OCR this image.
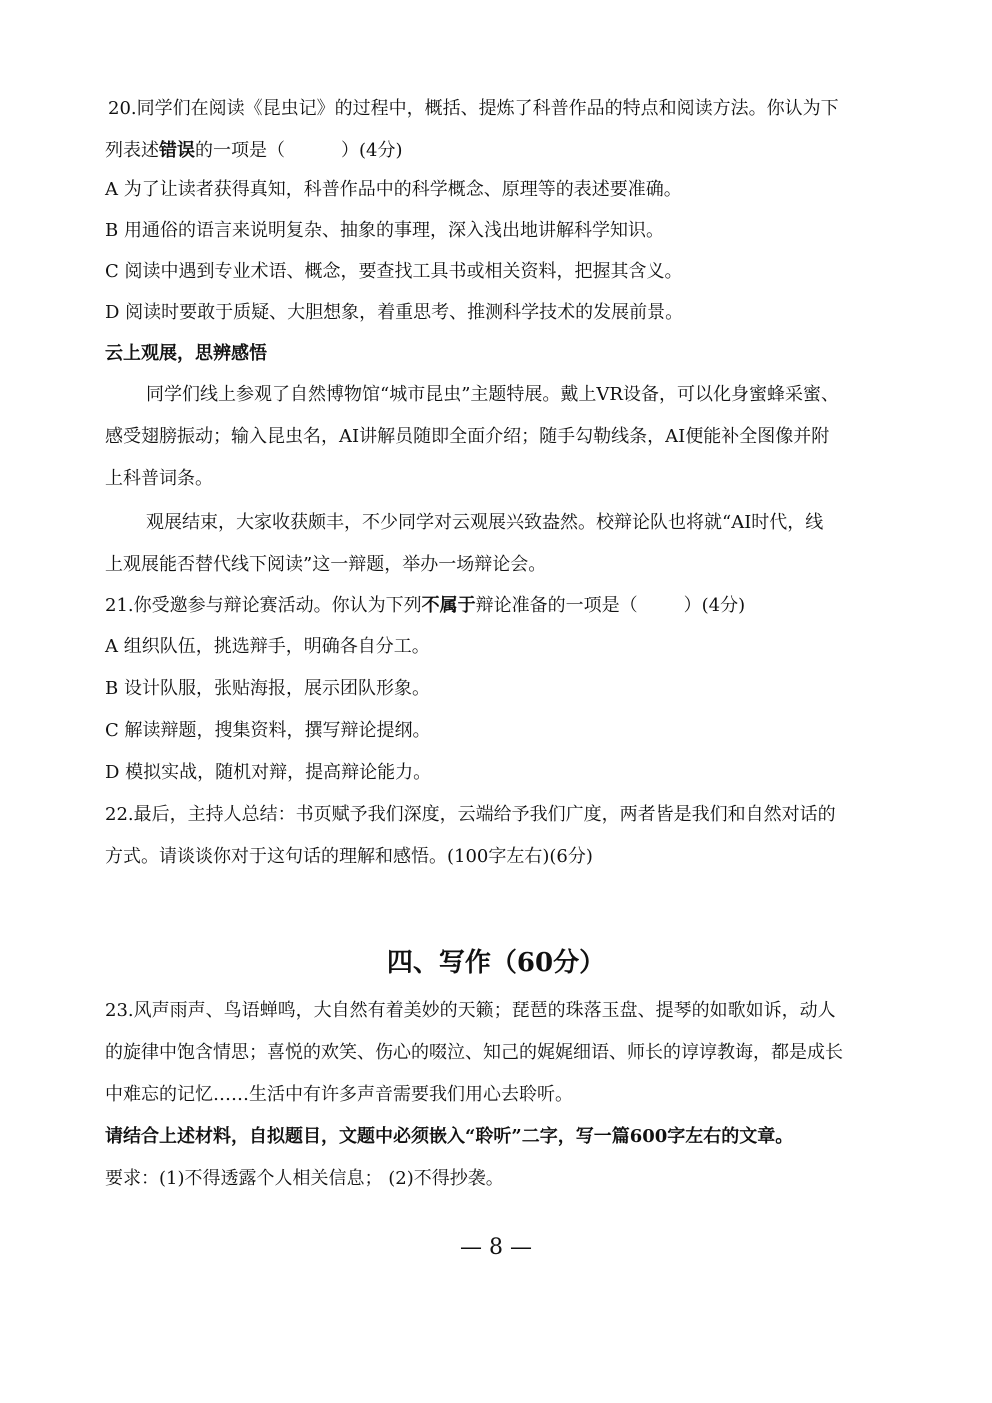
20.同学们在阅读《昆虫记》的过程中，概括、提炼了科普作品的特点和阅读方法。你认为下
列表述错误的一项是（	）(4分)
A 为了让读者获得真知，科普作品中的科学概念、原理等的表述要准确。
B 用通俗的语言来说明复杂、抽象的事理，深入浅出地讲解科学知识。
C 阅读中遇到专业术语、概念，要查找工具书或相关资料，把握其含义。
D 阅读时要敢于质疑、大胆想象，着重思考、推测科学技术的发展前景。
云上观展，思辨感悟
同学们线上参观了自然博物馆“城市昆虫”主题特展。戴上VR设备，可以化身蜜蜂采蜜、
感受翅膀振动；输入昆虫名，AI讲解员随即全面介绍；随手勾勒线条，AI便能补全图像并附
上科普词条。
观展结束，大家收获颇丰，不少同学对云观展兴致盎然。校辩论队也将就“AI时代，线
上观展能否替代线下阅读”这一辩题，举办一场辩论会。
21.你受邀参与辩论赛活动。你认为下列不属于辩论准备的一项是（	）(4分)
A 组织队伍，挑选辩手，明确各自分工。
B 设计队服，张贴海报，展示团队形象。
C 解读辩题，搜集资料，撰写辩论提纲。
D 模拟实战，随机对辩，提高辩论能力。
22.最后，主持人总结：书页赋予我们深度，云端给予我们广度，两者皆是我们和自然对话的
方式。请谈谈你对于这句话的理解和感悟。(100字左右)(6分)
四、写作（60分）
23.风声雨声、鸟语蝉鸣，大自然有着美妙的天籁；琵琶的珠落玉盘、提琴的如歌如诉，动人
的旋律中饱含情思；喜悦的欢笑、伤心的啜泣、知己的娓娓细语、师长的谆谆教诲，都是成长
中难忘的记忆……生活中有许多声音需要我们用心去聆听。
请结合上述材料，自拟题目，文题中必须嵌入“聆听”二字，写一篇600字左右的文章。
要求：(1)不得透露个人相关信息； (2)不得抄袭。
— 8 —
